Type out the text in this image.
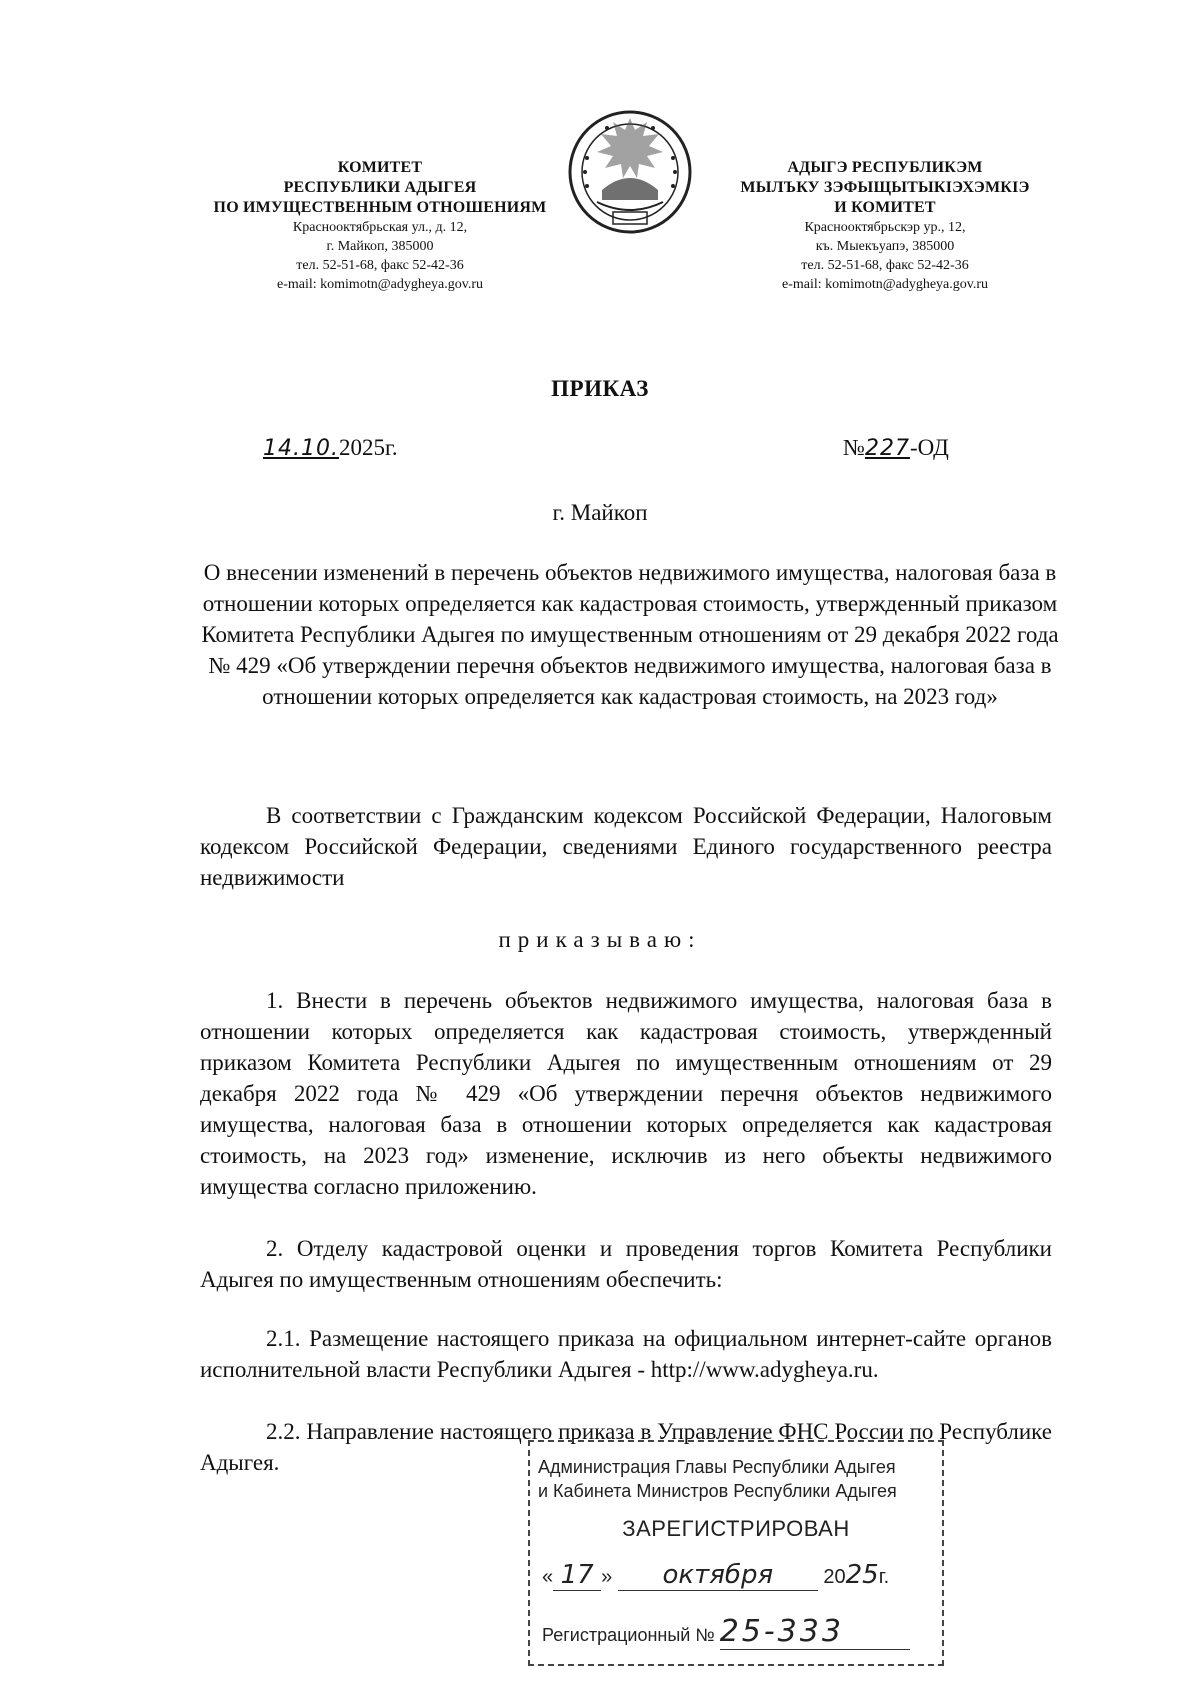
КОМИТЕТ
РЕСПУБЛИКИ АДЫГЕЯ
ПО ИМУЩЕСТВЕННЫМ ОТНОШЕНИЯМ
Краснооктябрьская ул., д. 12,
г. Майкоп, 385000
тел. 52-51-68, факс 52-42-36
e-mail: komimotn@adygheya.gov.ru
АДЫГЭ РЕСПУБЛИКЭМ
МЫЛЪКУ ЗЭФЫЩЫТЫКIЭХЭМКIЭ
И КОМИТЕТ
Краснооктябрьскэр ур., 12,
къ. Мыекъуапэ, 385000
тел. 52-51-68, факс 52-42-36
e-mail: komimotn@adygheya.gov.ru
ПРИКАЗ
14.10.2025г.	№227-ОД
г. Майкоп
О внесении изменений в перечень объектов недвижимого имущества, налоговая база в отношении которых определяется как кадастровая стоимость, утвержденный приказом Комитета Республики Адыгея по имущественным отношениям от 29 декабря 2022 года № 429 «Об утверждении перечня объектов недвижимого имущества, налоговая база в отношении которых определяется как кадастровая стоимость, на 2023 год»

В соответствии с Гражданским кодексом Российской Федерации, Налоговым кодексом Российской Федерации, сведениями Единого государственного реестра недвижимости

приказываю:

1. Внести в перечень объектов недвижимого имущества, налоговая база в отношении которых определяется как кадастровая стоимость, утвержденный приказом Комитета Республики Адыгея по имущественным отношениям от 29 декабря 2022 года № 429 «Об утверждении перечня объектов недвижимого имущества, налоговая база в отношении которых определяется как кадастровая стоимость, на 2023 год» изменение, исключив из него объекты недвижимого имущества согласно приложению.

2. Отделу кадастровой оценки и проведения торгов Комитета Республики Адыгея по имущественным отношениям обеспечить:

2.1. Размещение настоящего приказа на официальном интернет-сайте органов исполнительной власти Республики Адыгея - http://www.adygheya.ru.

2.2. Направление настоящего приказа в Управление ФНС России по Республике Адыгея.	Администрация Главы Республики Адыгея
и Кабинета Министров Республики Адыгея
ЗАРЕГИСТРИРОВАН
« 17 » октября	2025г.
Регистрационный № 25-333
